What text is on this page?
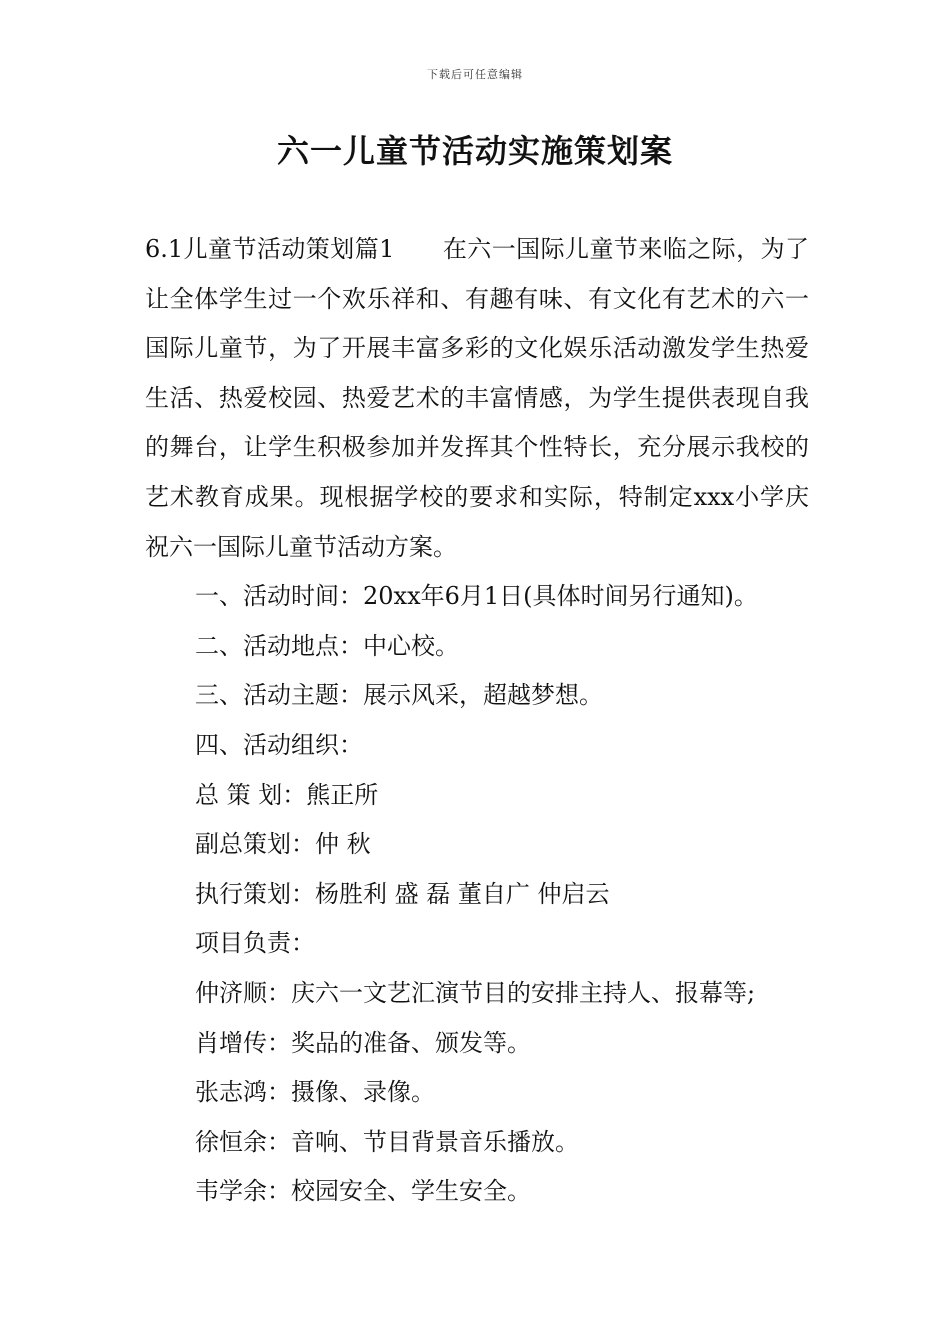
下载后可任意编辑
六一儿童节活动实施策划案

6.1儿童节活动策划篇1 在六一国际儿童节来临之际，为了让全体学生过一个欢乐祥和、有趣有味、有文化有艺术的六一国际儿童节，为了开展丰富多彩的文化娱乐活动激发学生热爱生活、热爱校园、热爱艺术的丰富情感，为学生提供表现自我的舞台，让学生积极参加并发挥其个性特长，充分展示我校的艺术教育成果。现根据学校的要求和实际，特制定xxx小学庆祝六一国际儿童节活动方案。

一、活动时间：20xx年6月1日(具体时间另行通知)。

二、活动地点：中心校。

三、活动主题：展示风采，超越梦想。

四、活动组织：

总 策 划：熊正所

副总策划：仲 秋

执行策划：杨胜利 盛 磊 董自广 仲启云

项目负责：

仲济顺：庆六一文艺汇演节目的安排主持人、报幕等;

肖增传：奖品的准备、颁发等。

张志鸿：摄像、录像。

徐恒余：音响、节目背景音乐播放。

韦学余：校园安全、学生安全。
